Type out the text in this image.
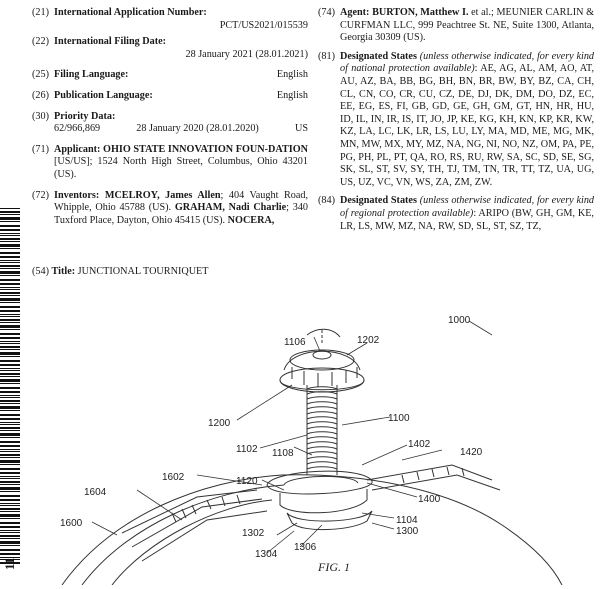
(21) International Application Number:
PCT/US2021/015539
(22) International Filing Date:
28 January 2021 (28.01.2021)
(25) Filing Language:	English
(26) Publication Language:	English
(30) Priority Data:
62/966,869	28 January 2020 (28.01.2020)	US
(71) Applicant: OHIO STATE INNOVATION FOUN-DATION [US/US]; 1524 North High Street, Columbus, Ohio 43201 (US).
(72) Inventors: MCELROY, James Allen; 404 Vaught Road, Whipple, Ohio 45788 (US). GRAHAM, Nadi Charlie; 340 Tuxford Place, Dayton, Ohio 45415 (US). NOCERA,
(74) Agent: BURTON, Matthew I. et al.; MEUNIER CARLIN & CURFMAN LLC, 999 Peachtree St. NE, Suite 1300, Atlanta, Georgia 30309 (US).
(81) Designated States (unless otherwise indicated, for every kind of national protection available): AE, AG, AL, AM, AO, AT, AU, AZ, BA, BB, BG, BH, BN, BR, BW, BY, BZ, CA, CH, CL, CN, CO, CR, CU, CZ, DE, DJ, DK, DM, DO, DZ, EC, EE, EG, ES, FI, GB, GD, GE, GH, GM, GT, HN, HR, HU, ID, IL, IN, IR, IS, IT, JO, JP, KE, KG, KH, KN, KP, KR, KW, KZ, LA, LC, LK, LR, LS, LU, LY, MA, MD, ME, MG, MK, MN, MW, MX, MY, MZ, NA, NG, NI, NO, NZ, OM, PA, PE, PG, PH, PL, PT, QA, RO, RS, RU, RW, SA, SC, SD, SE, SG, SK, SL, ST, SV, SY, TH, TJ, TM, TN, TR, TT, TZ, UA, UG, US, UZ, VC, VN, WS, ZA, ZM, ZW.
(84) Designated States (unless otherwise indicated, for every kind of regional protection available): ARIPO (BW, GH, GM, KE, LR, LS, MW, MZ, NA, RW, SD, SL, ST, SZ, TZ,
(54) Title: JUNCTIONAL TOURNIQUET
11
1000
1106	1202
1200	1100
1102 1108
1402
1420
1602	1120
1604
1400
1600	1104
1300
1302
1304
1306
FIG. 1
